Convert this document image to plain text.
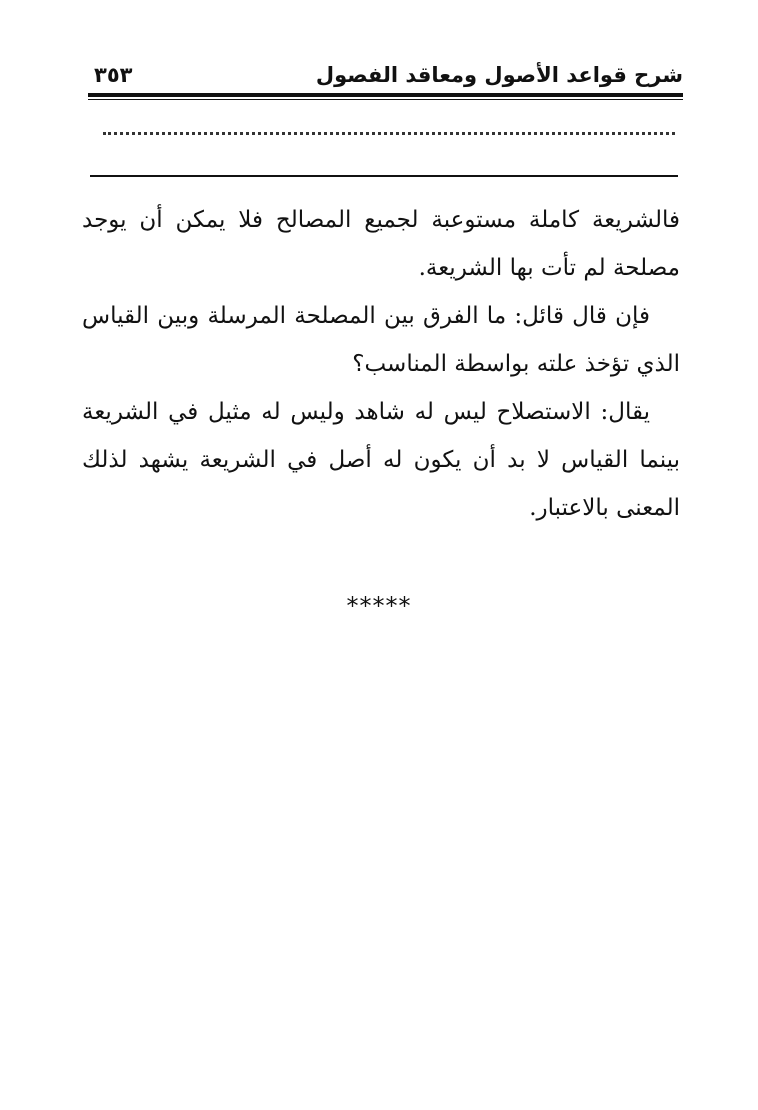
شرح قواعد الأصول ومعاقد الفصول
٣٥٣

فالشريعة كاملة مستوعبة لجميع المصالح فلا يمكن أن يوجد مصلحة لم تأت بها الشريعة.

فإن قال قائل: ما الفرق بين المصلحة المرسلة وبين القياس الذي تؤخذ علته بواسطة المناسب؟

يقال: الاستصلاح ليس له شاهد وليس له مثيل في الشريعة بينما القياس لا بد أن يكون له أصل في الشريعة يشهد لذلك المعنى بالاعتبار.

*****
